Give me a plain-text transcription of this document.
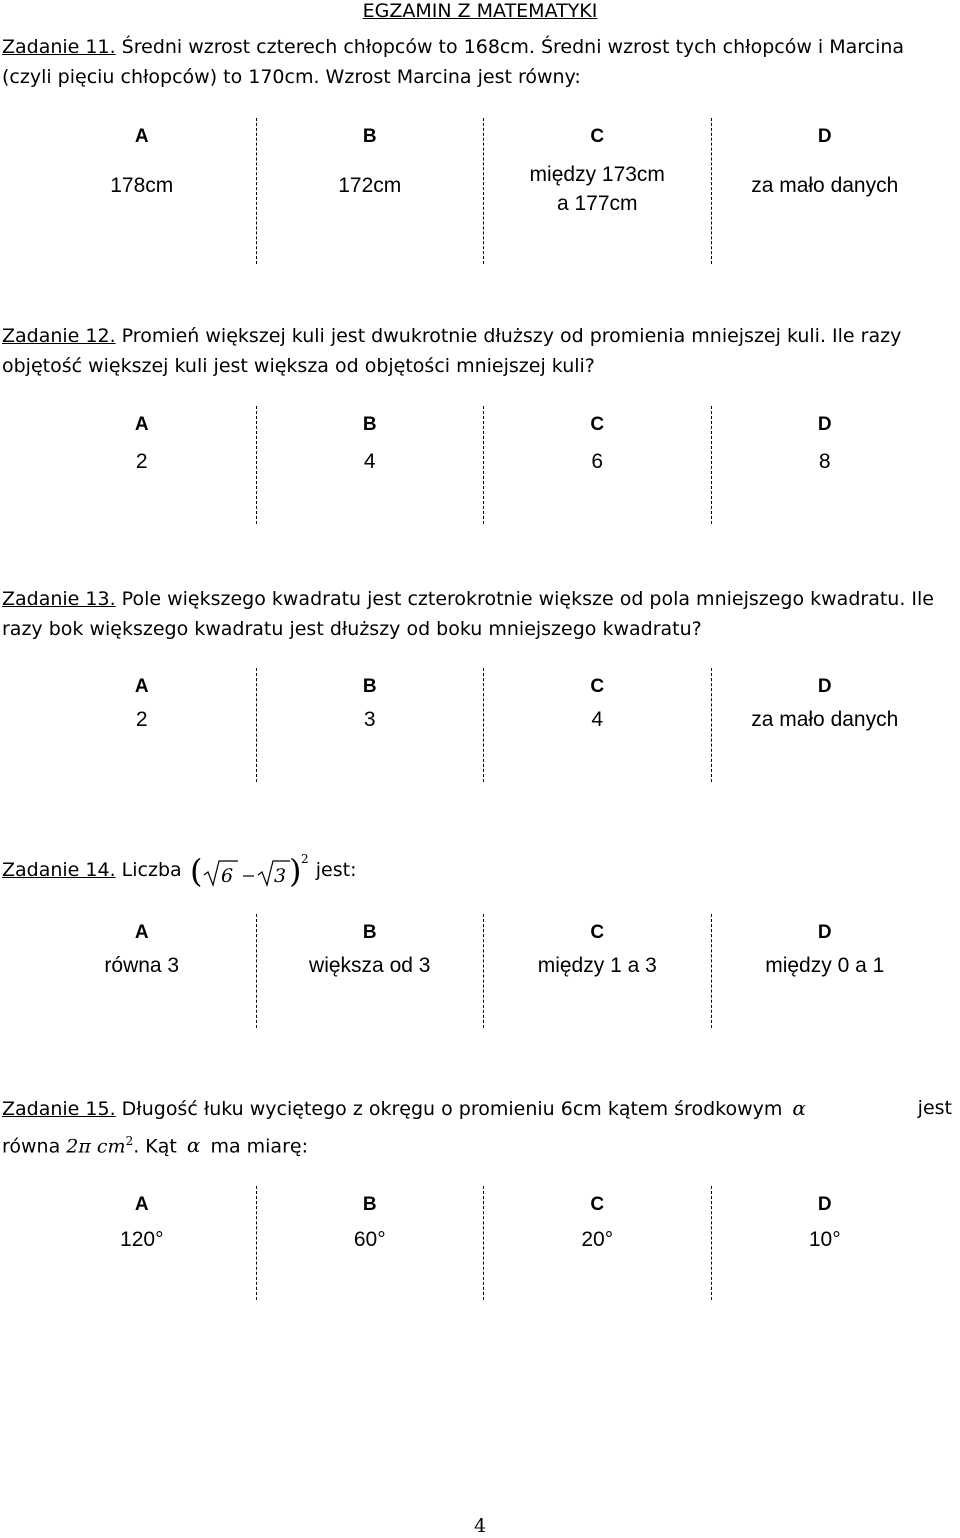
EGZAMIN Z MATEMATYKI

Zadanie 11. Średni wzrost czterech chłopców to 168cm. Średni wzrost tych chłopców i Marcina (czyli pięciu chłopców) to 170cm. Wzrost Marcina jest równy:

A
178cm
B
172cm
C
między 173cm
a 177cm
D
za mało danych

Zadanie 12. Promień większej kuli jest dwukrotnie dłuższy od promienia mniejszej kuli. Ile razy objętość większej kuli jest większa od objętości mniejszej kuli?

A
2
B
4
C
6
D
8

Zadanie 13. Pole większego kwadratu jest czterokrotnie większe od pola mniejszego kwadratu. Ile razy bok większego kwadratu jest dłuższy od boku mniejszego kwadratu?

A
2
B
3
C
4
D
za mało danych
Zadanie 14. Liczba ( 6 3 ) 2
jest:
A
równa 3
B
większa od 3
C
między 1 a 3
D
między 0 a 1
Zadanie 15. Długość łuku wyciętego z okręgu o promieniu 6cm kątem środkowym α	jest
równa 2π $cm^2$. Kąt α ma miarę:
A
120°
B
60°
C
20°
D
10°
4
